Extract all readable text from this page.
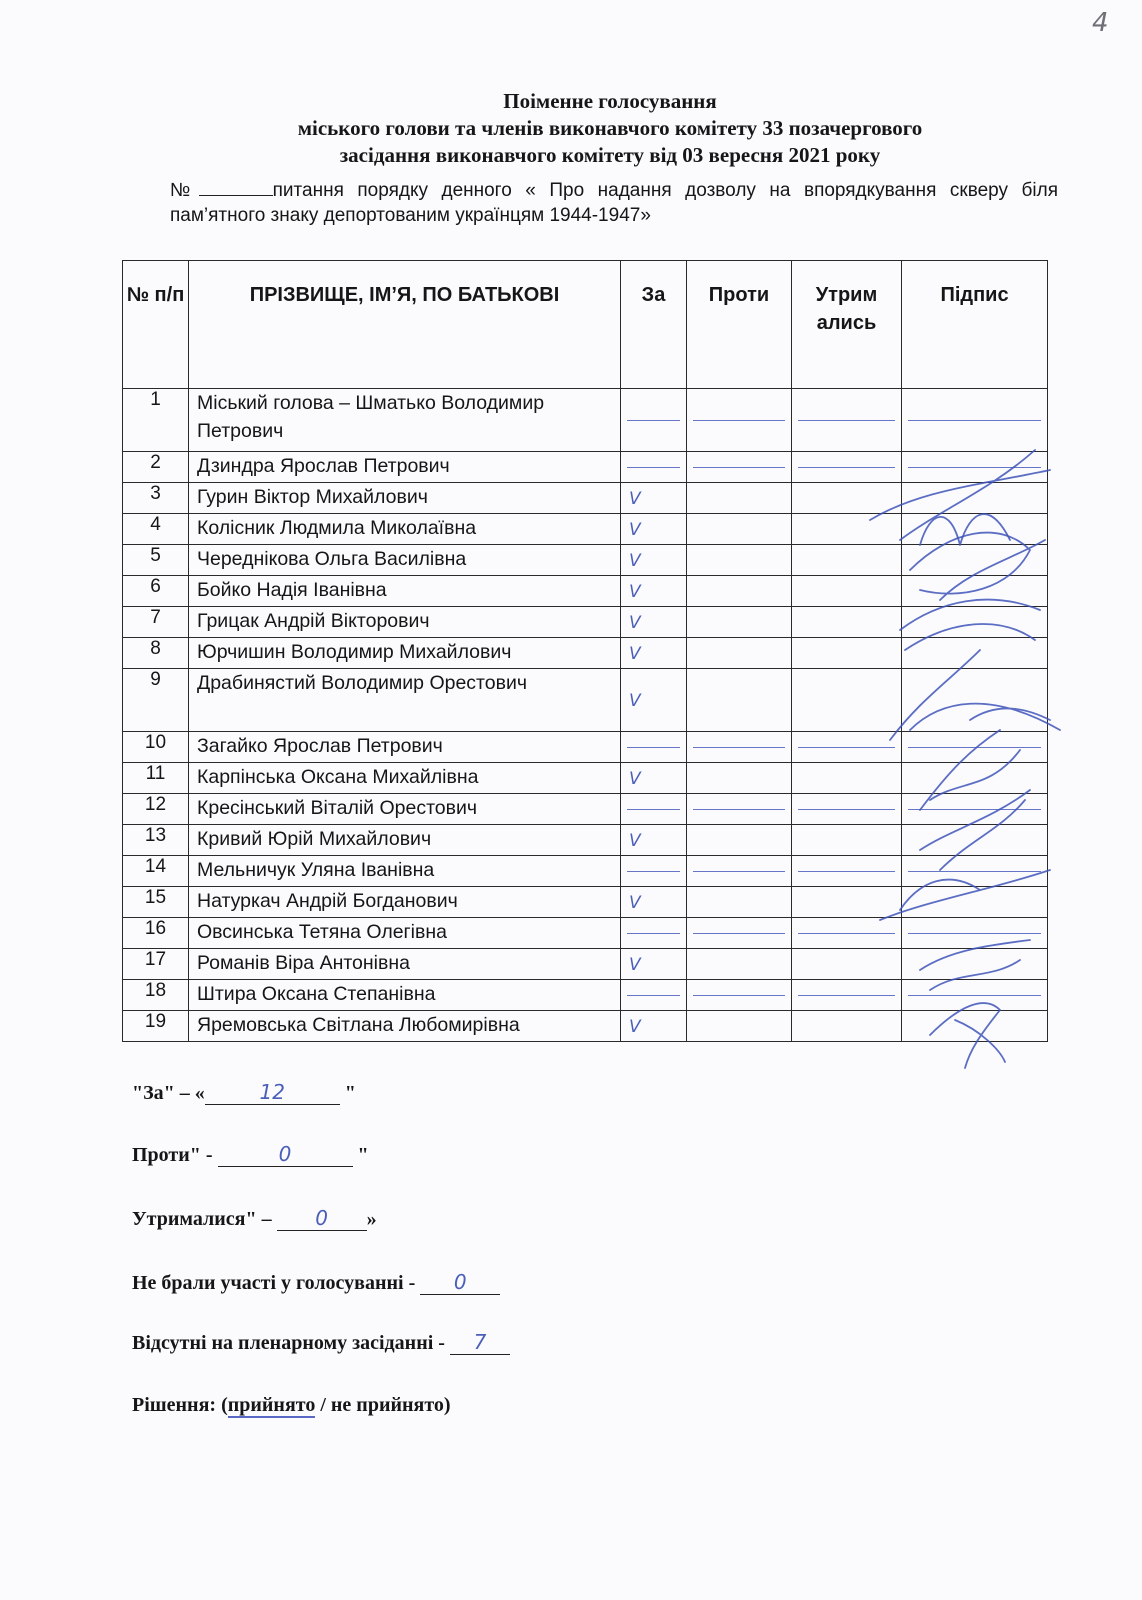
4
Поіменне голосування
міського голови та членів виконавчого комітету 33 позачергового
засідання виконавчого комітету від 03 вересня 2021 року
№	питання порядку денного « Про надання дозволу на впорядкування скверу біля пам’ятного знаку депортованим українцям 1944-1947»
№ п/п	ПРІЗВИЩЕ, ІМ’Я, ПО БАТЬКОВІ	За	Проти	Утрим ались	Підпис
1	Міський голова – Шматько Володимир Петрович	

2	Дзиндра Ярослав Петрович	

3	Гурин Віктор Михайлович	V			
4	Колісник Людмила Миколаївна	V			
5	Череднікова Ольга Василівна	V			
6	Бойко Надія Іванівна	V			
7	Грицак Андрій Вікторович	V			
8	Юрчишин Володимир Михайлович	V			
9	Драбинястий Володимир Орестович	V			
10	Загайко Ярослав Петрович	

11	Карпінська Оксана Михайлівна	V			
12	Кресінський Віталій Орестович	

13	Кривий Юрій Михайлович	V			
14	Мельничук Уляна Іванівна	

15	Натуркач Андрій Богданович	V			
16	Овсинська Тетяна Олегівна	

17	Романів Віра Антонівна	V			
18	Штира Оксана Степанівна	

19	Яремовська Світлана Любомирівна	V			
"За" – «	12	"
Проти" -	0	"
Утрималися" – 0 »
Не брали участі у голосуванні - 0
Відсутні на пленарному засіданні - 7
Рішення: (прийнято / не прийнято)
